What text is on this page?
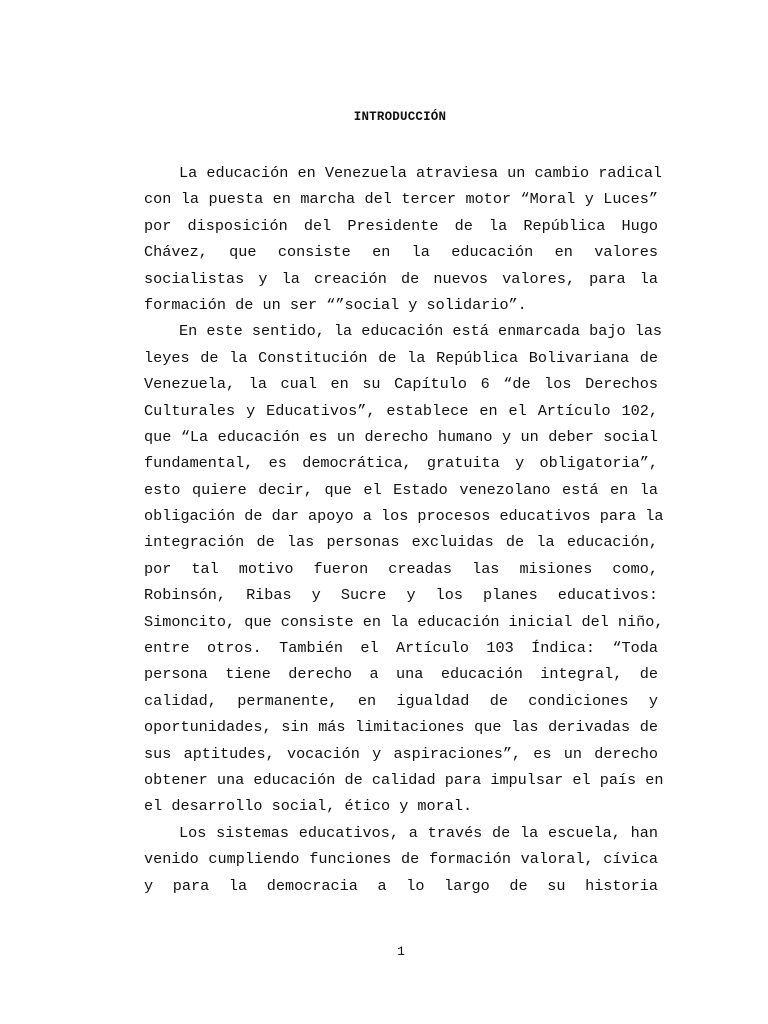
INTRODUCCIÓN
La educación en Venezuela atraviesa un cambio radical
con la puesta en marcha del tercer motor “Moral y Luces”
por disposición del Presidente de la República Hugo
Chávez, que consiste en la educación en valores
socialistas y la creación de nuevos valores, para la
formación de un ser “”social y solidario”.
En este sentido, la educación está enmarcada bajo las
leyes de la Constitución de la República Bolivariana de
Venezuela, la cual en su Capítulo 6 “de los Derechos
Culturales y Educativos”, establece en el Artículo 102,
que “La educación es un derecho humano y un deber social
fundamental, es democrática, gratuita y obligatoria”,
esto quiere decir, que el Estado venezolano está en la
obligación de dar apoyo a los procesos educativos para la
integración de las personas excluidas de la educación,
por tal motivo fueron creadas las misiones como,
Robinsón, Ribas y Sucre y los planes educativos:
Simoncito, que consiste en la educación inicial del niño,
entre otros. También el Artículo 103 Índica: “Toda
persona tiene derecho a una educación integral, de
calidad, permanente, en igualdad de condiciones y
oportunidades, sin más limitaciones que las derivadas de
sus aptitudes, vocación y aspiraciones”, es un derecho
obtener una educación de calidad para impulsar el país en
el desarrollo social, ético y moral.
Los sistemas educativos, a través de la escuela, han
venido cumpliendo funciones de formación valoral, cívica
y para la democracia a lo largo de su historia
1
